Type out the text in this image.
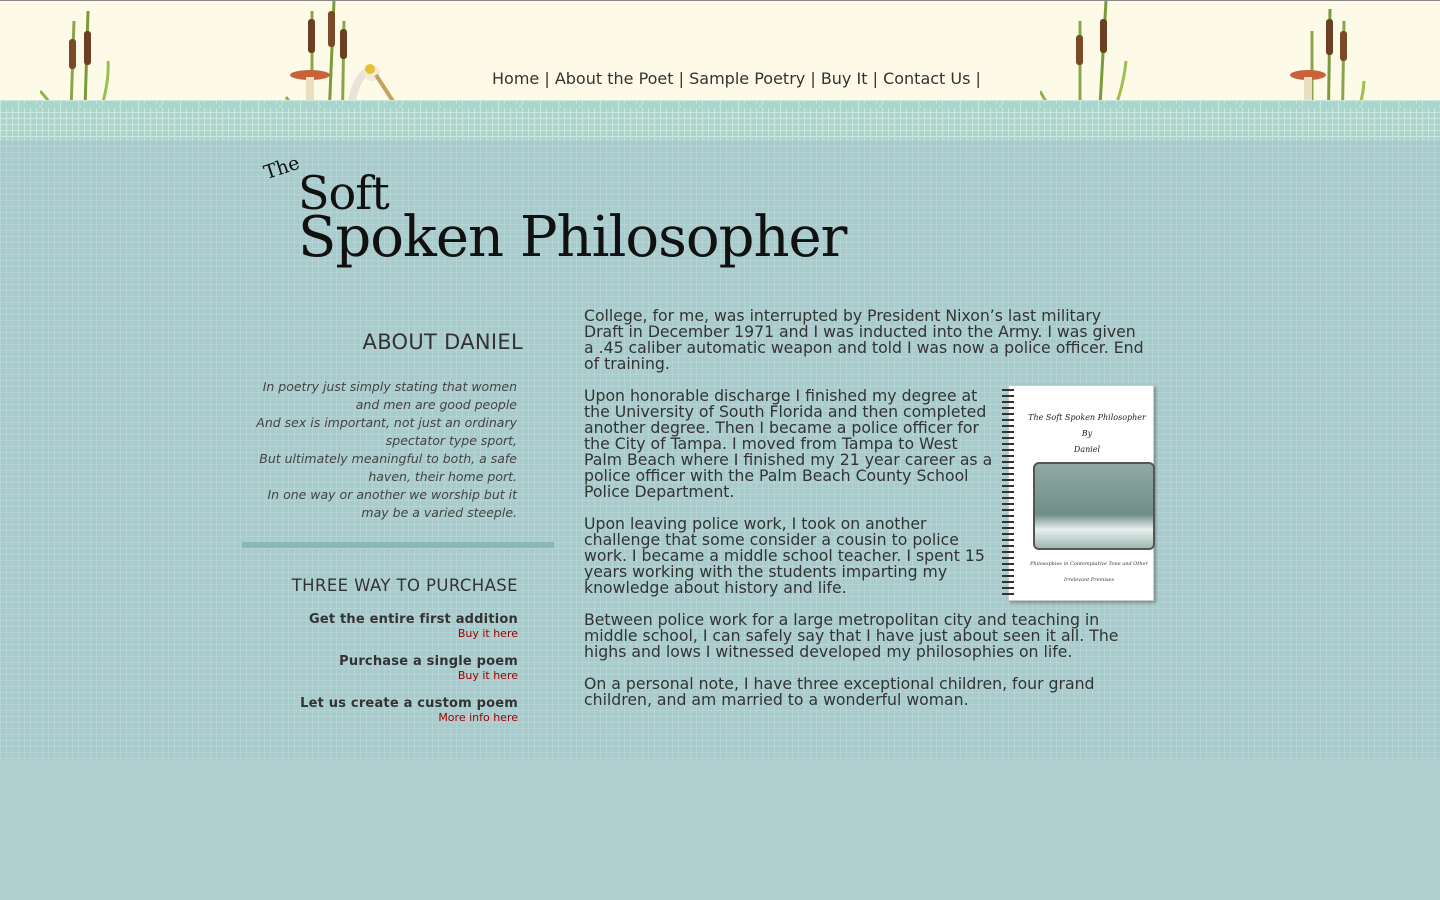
Home | About the Poet | Sample Poetry | Buy It | Contact Us |
The
Soft
Spoken Philosopher
ABOUT DANIEL
In poetry just simply stating that women and men are good people
And sex is important, not just an ordinary spectator type sport,
But ultimately meaningful to both, a safe haven, their home port.
In one way or another we worship but it may be a varied steeple.
THREE WAY TO PURCHASE
Get the entire first addition
Buy it here
Purchase a single poem
Buy it here
Let us create a custom poem
More info here

College, for me, was interrupted by President Nixon’s last military Draft in December 1971 and I was inducted into the Army. I was given a .45 caliber automatic weapon and told I was now a police officer. End of training.

The Soft Spoken Philosopher
By
Daniel
Philosophies in Contemplative Tone and Other Irrelevant Premises

Upon honorable discharge I finished my degree at the University of South Florida and then completed another degree. Then I became a police officer for the City of Tampa. I moved from Tampa to West Palm Beach where I finished my 21 year career as a police officer with the Palm Beach County School Police Department.

Upon leaving police work, I took on another challenge that some consider a cousin to police work. I became a middle school teacher. I spent 15 years working with the students imparting my knowledge about history and life.

Between police work for a large metropolitan city and teaching in middle school, I can safely say that I have just about seen it all. The highs and lows I witnessed developed my philosophies on life.

On a personal note, I have three exceptional children, four grand children, and am married to a wonderful woman.
